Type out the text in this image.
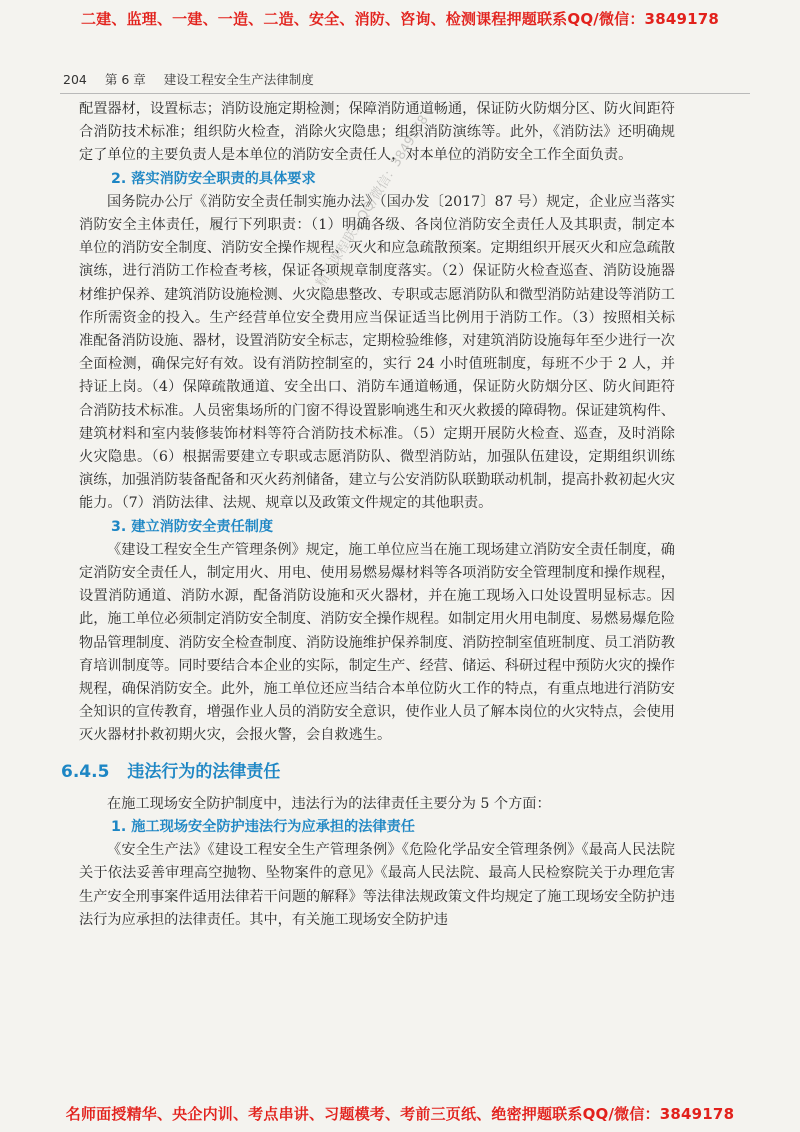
二建、监理、一建、一造、二造、安全、消防、咨询、检测课程押题联系QQ/微信：3849178
204 第 6 章 建设工程安全生产法律制度

配置器材，设置标志；消防设施定期检测；保障消防通道畅通，保证防火防烟分区、防火间距符合消防技术标准；组织防火检查，消除火灾隐患；组织消防演练等。此外，《消防法》还明确规定了单位的主要负责人是本单位的消防安全责任人，对本单位的消防安全工作全面负责。

2. 落实消防安全职责的具体要求

国务院办公厅《消防安全责任制实施办法》（国办发〔2017〕87 号）规定，企业应当落实消防安全主体责任，履行下列职责：（1）明确各级、各岗位消防安全责任人及其职责，制定本单位的消防安全制度、消防安全操作规程、灭火和应急疏散预案。定期组织开展灭火和应急疏散演练，进行消防工作检查考核，保证各项规章制度落实。（2）保证防火检查巡查、消防设施器材维护保养、建筑消防设施检测、火灾隐患整改、专职或志愿消防队和微型消防站建设等消防工作所需资金的投入。生产经营单位安全费用应当保证适当比例用于消防工作。（3）按照相关标准配备消防设施、器材，设置消防安全标志，定期检验维修，对建筑消防设施每年至少进行一次全面检测，确保完好有效。设有消防控制室的，实行 24 小时值班制度，每班不少于 2 人，并持证上岗。（4）保障疏散通道、安全出口、消防车通道畅通，保证防火防烟分区、防火间距符合消防技术标准。人员密集场所的门窗不得设置影响逃生和灭火救援的障碍物。保证建筑构件、建筑材料和室内装修装饰材料等符合消防技术标准。（5）定期开展防火检查、巡查，及时消除火灾隐患。（6）根据需要建立专职或志愿消防队、微型消防站，加强队伍建设，定期组织训练演练，加强消防装备配备和灭火药剂储备，建立与公安消防队联勤联动机制，提高扑救初起火灾能力。（7）消防法律、法规、规章以及政策文件规定的其他职责。

3. 建立消防安全责任制度

《建设工程安全生产管理条例》规定，施工单位应当在施工现场建立消防安全责任制度，确定消防安全责任人，制定用火、用电、使用易燃易爆材料等各项消防安全管理制度和操作规程，设置消防通道、消防水源，配备消防设施和灭火器材，并在施工现场入口处设置明显标志。因此，施工单位必须制定消防安全制度、消防安全操作规程。如制定用火用电制度、易燃易爆危险物品管理制度、消防安全检查制度、消防设施维护保养制度、消防控制室值班制度、员工消防教育培训制度等。同时要结合本企业的实际，制定生产、经营、储运、科研过程中预防火灾的操作规程，确保消防安全。此外，施工单位还应当结合本单位防火工作的特点，有重点地进行消防安全知识的宣传教育，增强作业人员的消防安全意识，使作业人员了解本岗位的火灾特点，会使用灭火器材扑救初期火灾，会报火警，会自救逃生。

6.4.5 违法行为的法律责任

在施工现场安全防护制度中，违法行为的法律责任主要分为 5 个方面：

1. 施工现场安全防护违法行为应承担的法律责任

《安全生产法》《建设工程安全生产管理条例》《危险化学品安全管理条例》《最高人民法院关于依法妥善审理高空抛物、坠物案件的意见》《最高人民法院、最高人民检察院关于办理危害生产安全刑事案件适用法律若干问题的解释》等法律法规政策文件均规定了施工现场安全防护违法行为应承担的法律责任。其中，有关施工现场安全防护违

精品课程联系QQ/微信：3849178
名师面授精华、央企内训、考点串讲、习题模考、考前三页纸、绝密押题联系QQ/微信：3849178
